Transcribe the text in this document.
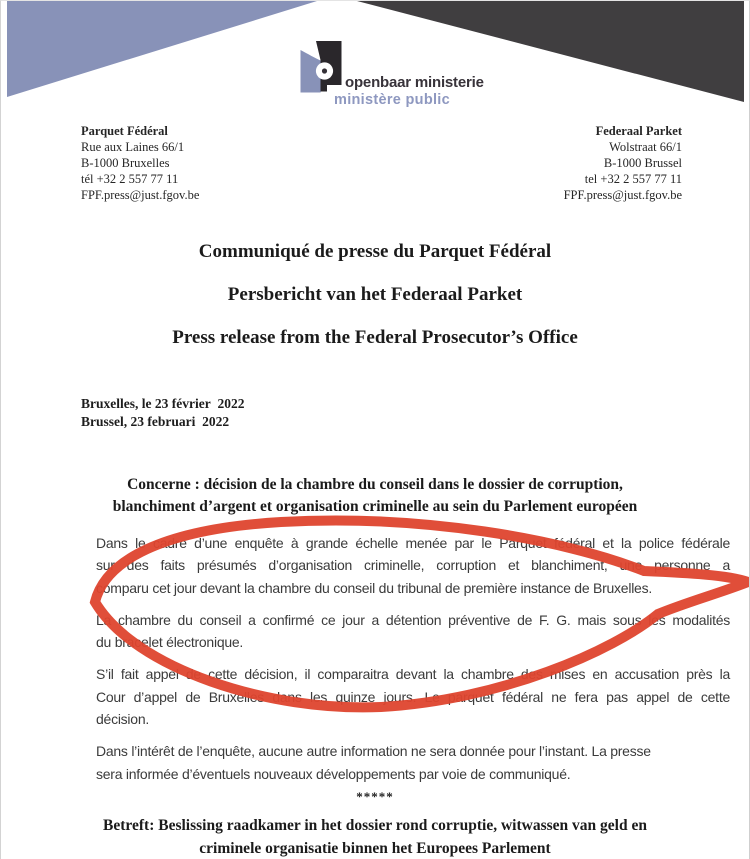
openbaar ministerie
ministère public
Parquet Fédéral
Rue aux Laines 66/1
B-1000 Bruxelles
tél +32 2 557 77 11
FPF.press@just.fgov.be
Federaal Parket
Wolstraat 66/1
B-1000 Brussel
tel +32 2 557 77 11
FPF.press@just.fgov.be
Communiqué de presse du Parquet Fédéral
Persbericht van het Federaal Parket
Press release from the Federal Prosecutor’s Office
Bruxelles, le 23 février  2022
Brussel, 23 februari  2022
Concerne : décision de la chambre du conseil dans le dossier de corruption,
blanchiment d’argent et organisation criminelle au sein du Parlement européen
Dans le cadre d’une enquête à grande échelle menée par le Parquet fédéral et la police fédérale
sur des faits présumés d’organisation criminelle, corruption et blanchiment, une personne a
comparu cet jour devant la chambre du conseil du tribunal de première instance de Bruxelles.
La chambre du conseil a confirmé ce jour a détention préventive de F. G. mais sous les modalités
du bracelet électronique.
S’il fait appel de cette décision, il comparaitra devant la chambre des mises en accusation près la
Cour d’appel de Bruxelles dans les quinze jours. Le parquet fédéral ne fera pas appel de cette
décision.
Dans l’intérêt de l’enquête, aucune autre information ne sera donnée pour l’instant. La presse
sera informée d’éventuels nouveaux développements par voie de communiqué.
*****
Betreft: Beslissing raadkamer in het dossier rond corruptie, witwassen van geld en
criminele organisatie binnen het Europees Parlement
